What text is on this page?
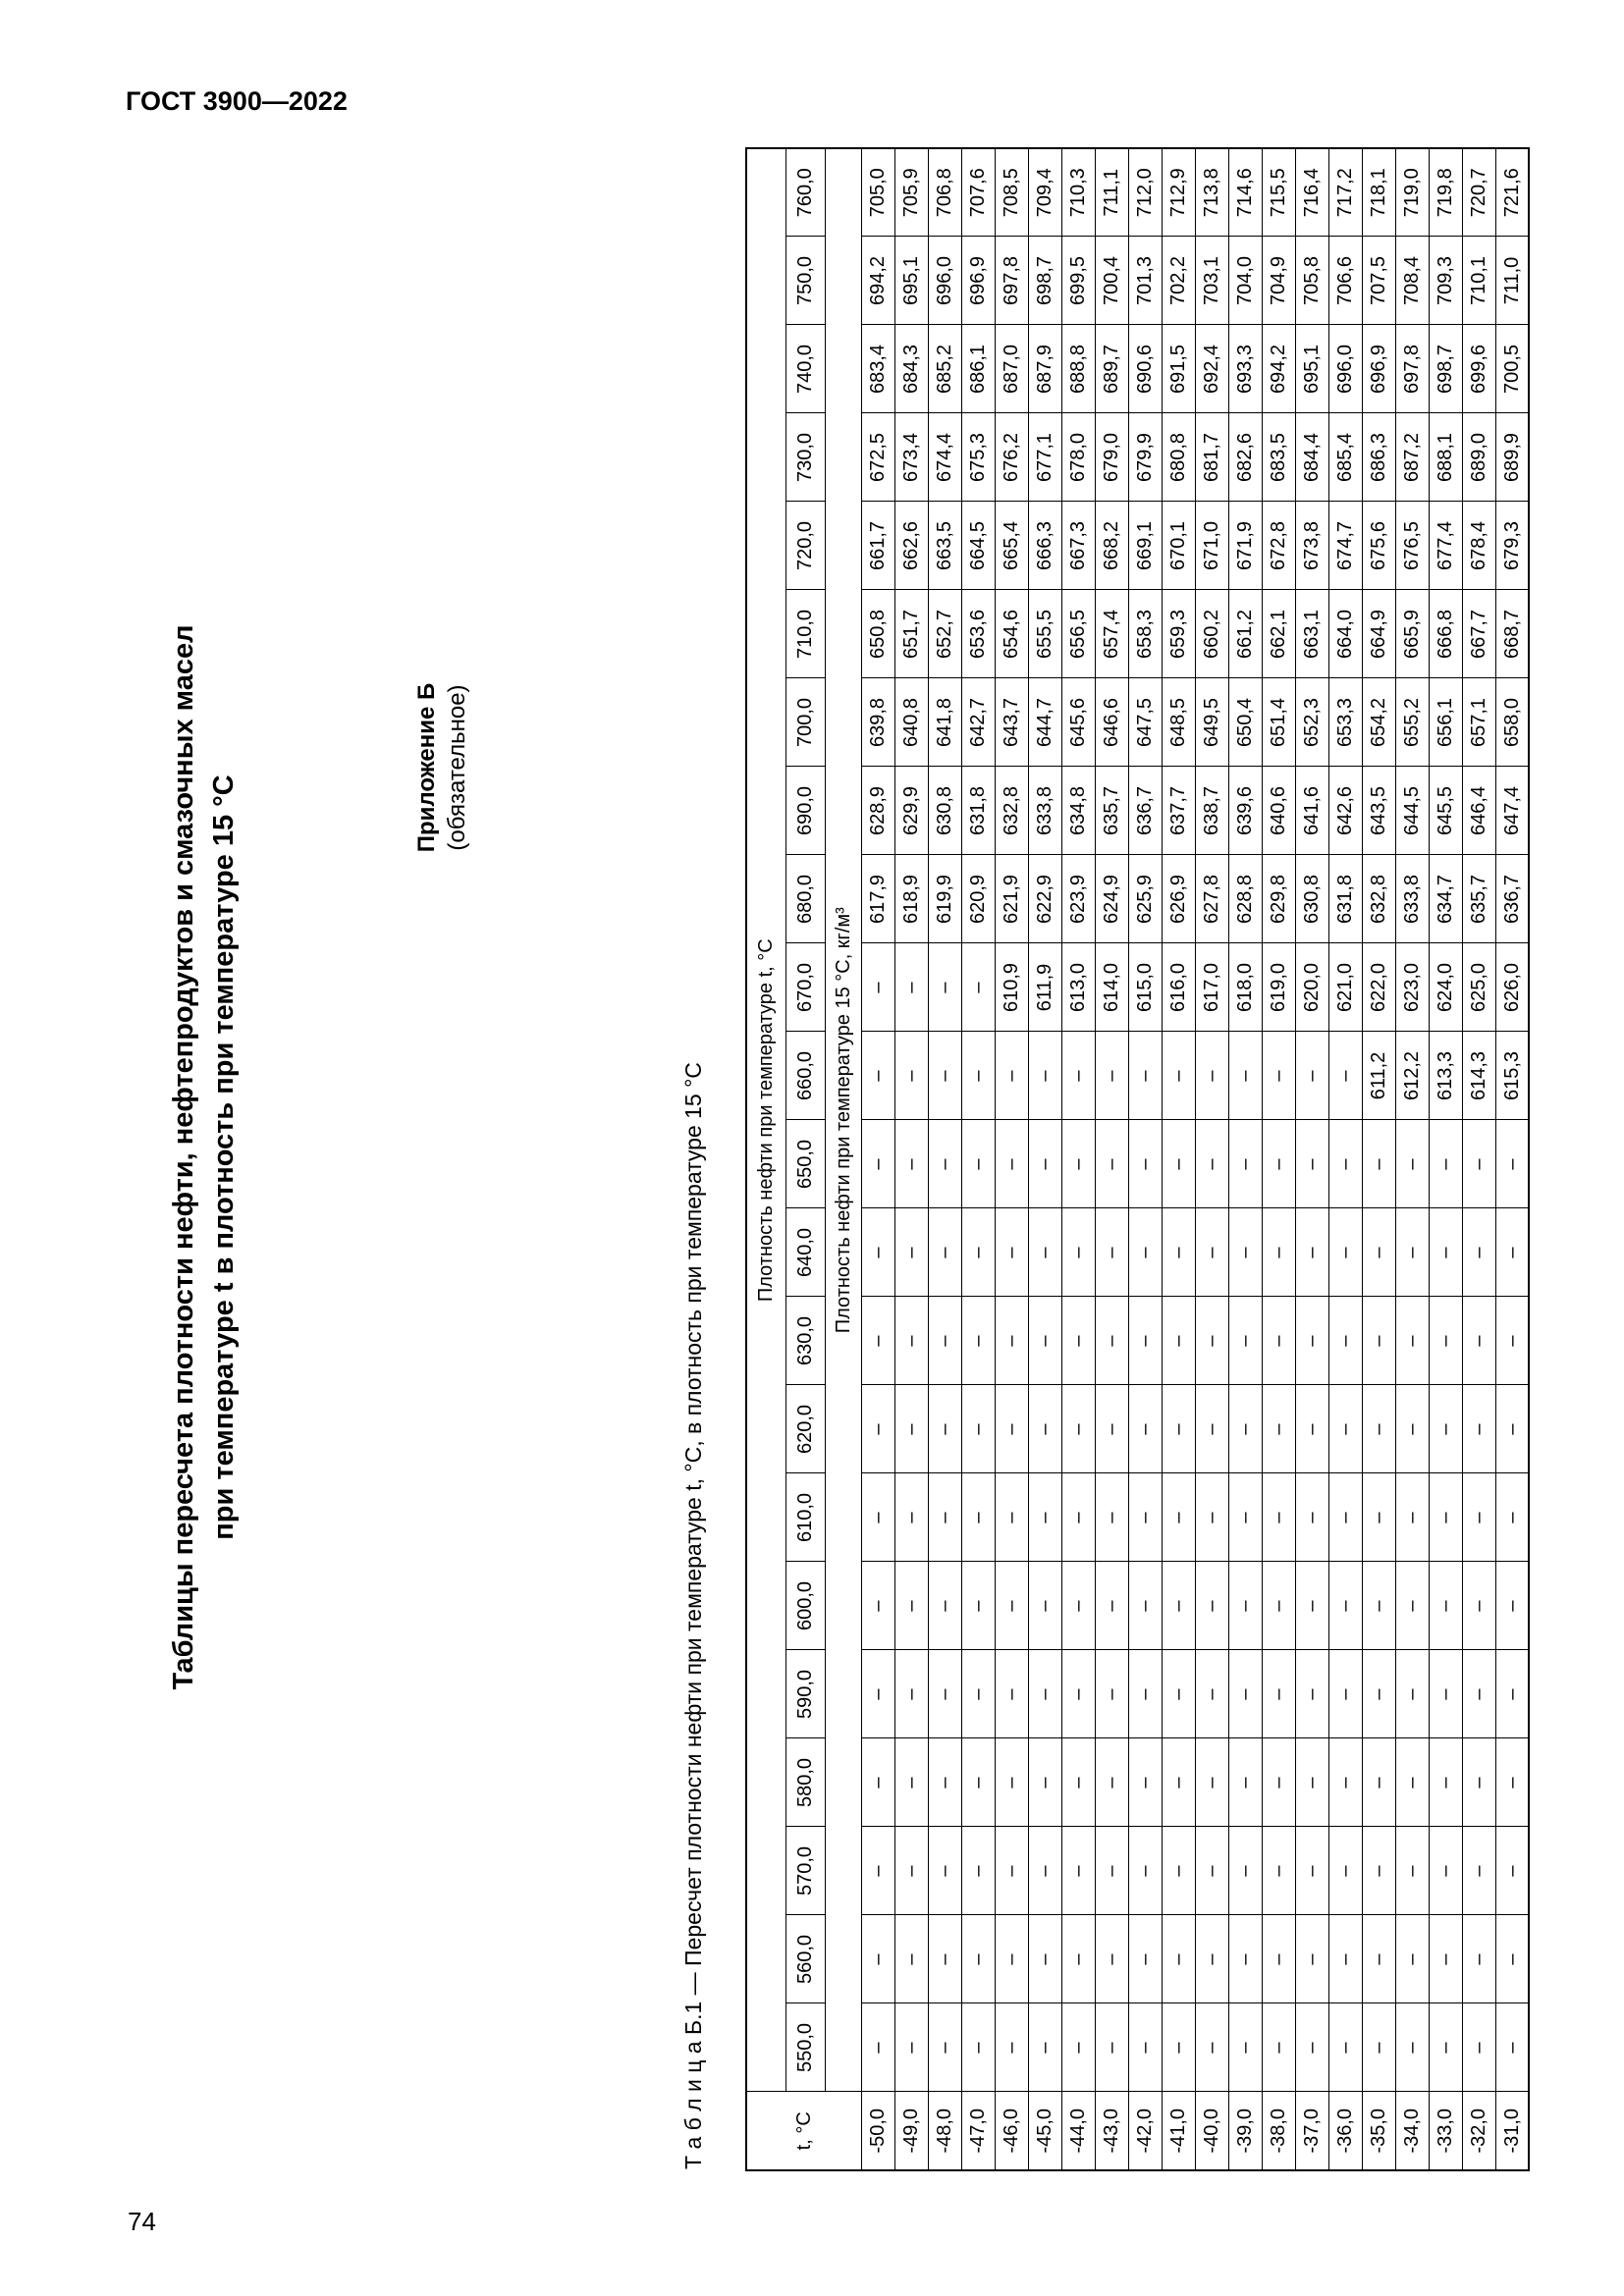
ГОСТ 3900—2022
74
Таблицы пересчета плотности нефти, нефтепродуктов и смазочных масел при температуре t в плотность при температуре 15 °С
Приложение Б (обязательное)
Т а б л и ц а Б.1 — Пересчет плотности нефти при температуре t, °С, в плотность при температуре 15 °С	t, °С	Плотность нефти при температуре t, °С																					
	550,0	560,0	570,0	580,0	590,0	600,0	610,0	620,0	630,0	640,0	650,0	660,0	670,0	680,0	690,0	700,0	710,0	720,0	730,0	740,0	750,0	760,0
	Плотность нефти при температуре 15 °С, кг/м³																					
-50,0	–	–	–	–	–	–	–	–	–	–	–	–	–	617,9	628,9	639,8	650,8	661,7	672,5	683,4	694,2	705,0
-49,0	–	–	–	–	–	–	–	–	–	–	–	–	–	618,9	629,9	640,8	651,7	662,6	673,4	684,3	695,1	705,9
-48,0	–	–	–	–	–	–	–	–	–	–	–	–	–	619,9	630,8	641,8	652,7	663,5	674,4	685,2	696,0	706,8
-47,0	–	–	–	–	–	–	–	–	–	–	–	–	–	620,9	631,8	642,7	653,6	664,5	675,3	686,1	696,9	707,6
-46,0	–	–	–	–	–	–	–	–	–	–	–	–	610,9	621,9	632,8	643,7	654,6	665,4	676,2	687,0	697,8	708,5
-45,0	–	–	–	–	–	–	–	–	–	–	–	–	611,9	622,9	633,8	644,7	655,5	666,3	677,1	687,9	698,7	709,4
-44,0	–	–	–	–	–	–	–	–	–	–	–	–	613,0	623,9	634,8	645,6	656,5	667,3	678,0	688,8	699,5	710,3
-43,0	–	–	–	–	–	–	–	–	–	–	–	–	614,0	624,9	635,7	646,6	657,4	668,2	679,0	689,7	700,4	711,1
-42,0	–	–	–	–	–	–	–	–	–	–	–	–	615,0	625,9	636,7	647,5	658,3	669,1	679,9	690,6	701,3	712,0
-41,0	–	–	–	–	–	–	–	–	–	–	–	–	616,0	626,9	637,7	648,5	659,3	670,1	680,8	691,5	702,2	712,9
-40,0	–	–	–	–	–	–	–	–	–	–	–	–	617,0	627,8	638,7	649,5	660,2	671,0	681,7	692,4	703,1	713,8
-39,0	–	–	–	–	–	–	–	–	–	–	–	–	618,0	628,8	639,6	650,4	661,2	671,9	682,6	693,3	704,0	714,6
-38,0	–	–	–	–	–	–	–	–	–	–	–	–	619,0	629,8	640,6	651,4	662,1	672,8	683,5	694,2	704,9	715,5
-37,0	–	–	–	–	–	–	–	–	–	–	–	–	620,0	630,8	641,6	652,3	663,1	673,8	684,4	695,1	705,8	716,4
-36,0	–	–	–	–	–	–	–	–	–	–	–	–	621,0	631,8	642,6	653,3	664,0	674,7	685,4	696,0	706,6	717,2
-35,0	–	–	–	–	–	–	–	–	–	–	–	611,2	622,0	632,8	643,5	654,2	664,9	675,6	686,3	696,9	707,5	718,1
-34,0	–	–	–	–	–	–	–	–	–	–	–	612,2	623,0	633,8	644,5	655,2	665,9	676,5	687,2	697,8	708,4	719,0
-33,0	–	–	–	–	–	–	–	–	–	–	–	613,3	624,0	634,7	645,5	656,1	666,8	677,4	688,1	698,7	709,3	719,8
-32,0	–	–	–	–	–	–	–	–	–	–	–	614,3	625,0	635,7	646,4	657,1	667,7	678,4	689,0	699,6	710,1	720,7
-31,0	–	–	–	–	–	–	–	–	–	–	–	615,3	626,0	636,7	647,4	658,0	668,7	679,3	689,9	700,5	711,0	721,6
